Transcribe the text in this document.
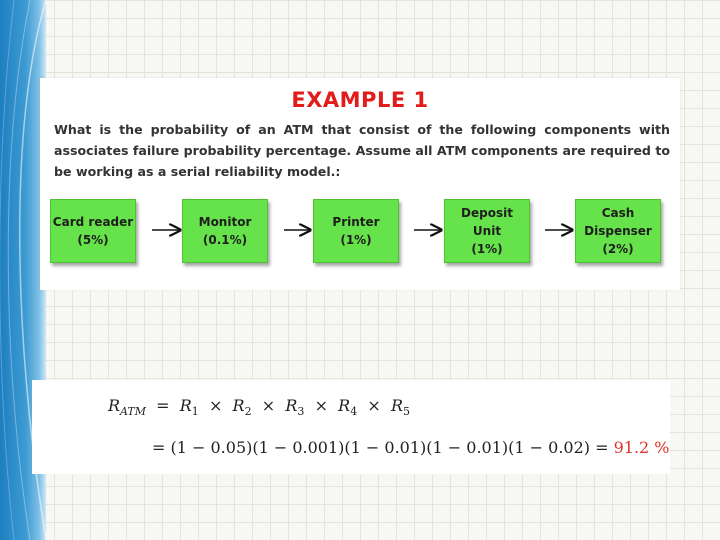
EXAMPLE 1
What is the probability of an ATM that consist of the following components with associates failure probability percentage. Assume all ATM components are required to be working as a serial reliability model.:
Card reader
(5%)
Monitor
(0.1%)
Printer
(1%)
Deposit
Unit
(1%)
Cash
Dispenser
(2%)
$R_{ATM} = R_1 \times R_2 \times R_3 \times R_4 \times R_5$
= (1 − 0.05)(1 − 0.001)(1 − 0.01)(1 − 0.01)(1 − 0.02) = 91.2 %
